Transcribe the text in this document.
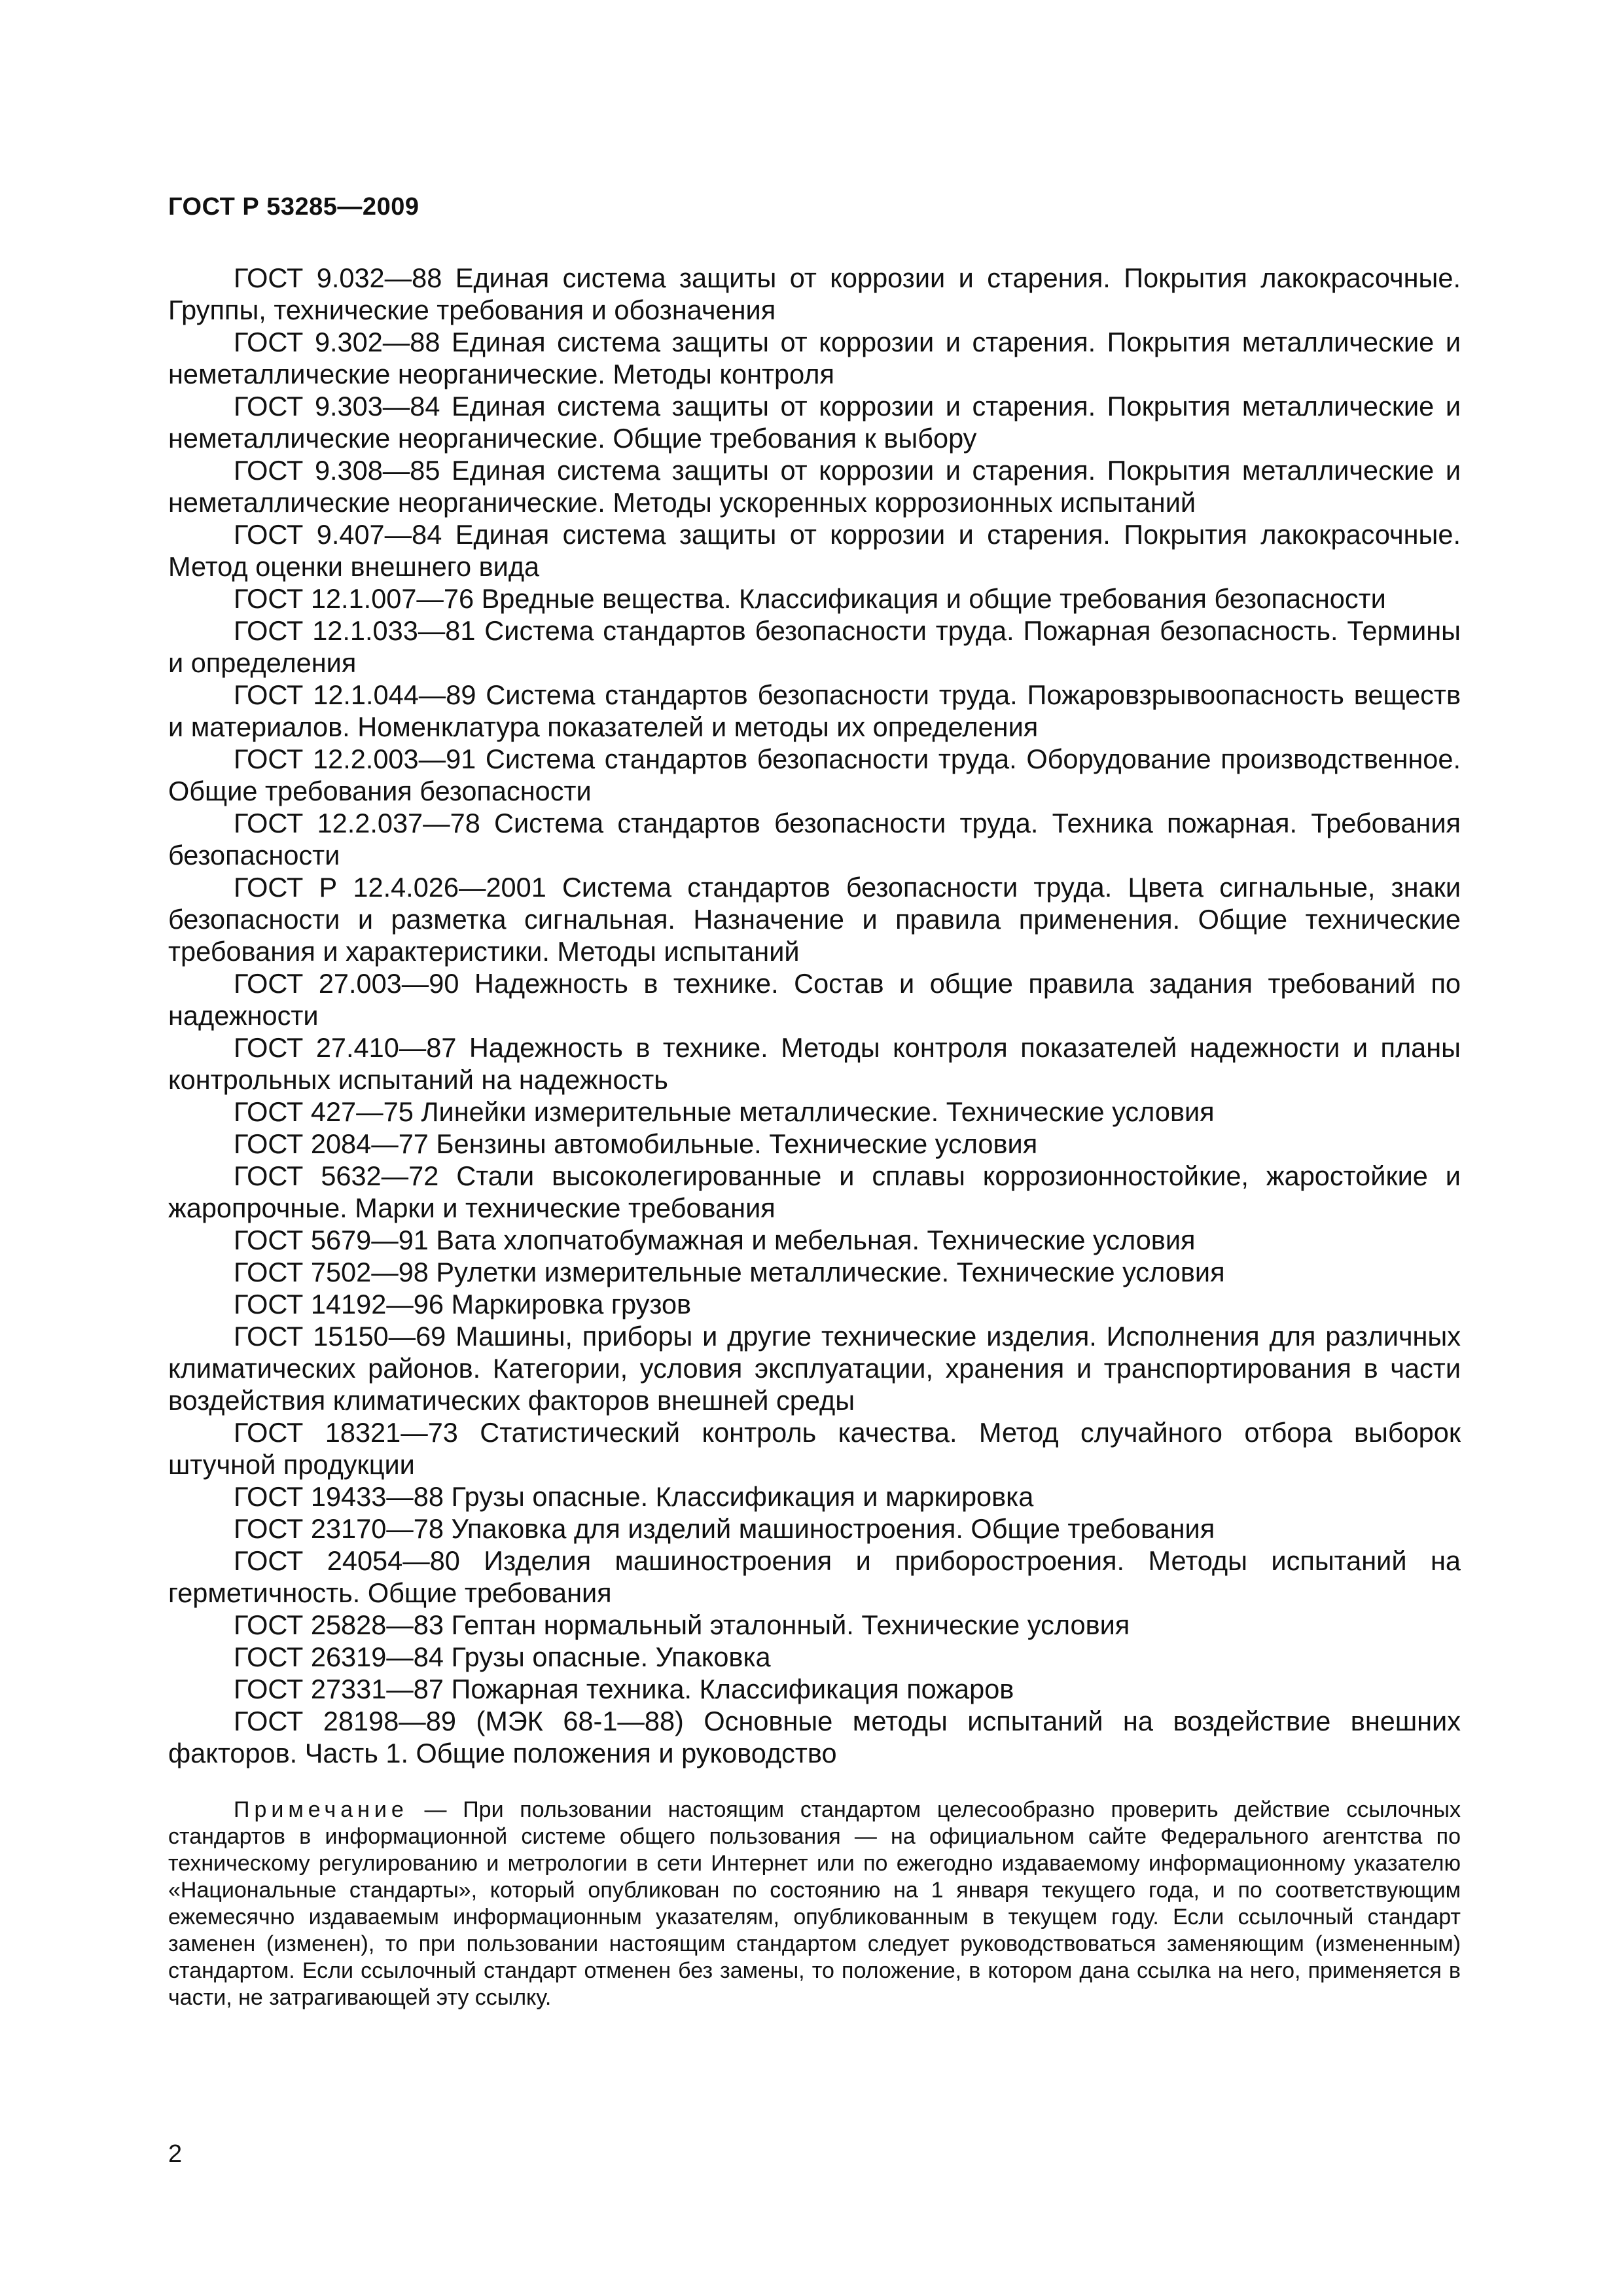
ГОСТ Р 53285—2009

ГОСТ 9.032—88 Единая система защиты от коррозии и старения. Покрытия лакокрасочные. Группы, технические требования и обозначения

ГОСТ 9.302—88 Единая система защиты от коррозии и старения. Покрытия металлические и неметаллические неорганические. Методы контроля

ГОСТ 9.303—84 Единая система защиты от коррозии и старения. Покрытия металлические и неметаллические неорганические. Общие требования к выбору

ГОСТ 9.308—85 Единая система защиты от коррозии и старения. Покрытия металлические и неметаллические неорганические. Методы ускоренных коррозионных испытаний

ГОСТ 9.407—84 Единая система защиты от коррозии и старения. Покрытия лакокрасочные. Метод оценки внешнего вида

ГОСТ 12.1.007—76 Вредные вещества. Классификация и общие требования безопасности

ГОСТ 12.1.033—81 Система стандартов безопасности труда. Пожарная безопасность. Термины и определения

ГОСТ 12.1.044—89 Система стандартов безопасности труда. Пожаровзрывоопасность веществ и материалов. Номенклатура показателей и методы их определения

ГОСТ 12.2.003—91 Система стандартов безопасности труда. Оборудование производственное. Общие требования безопасности

ГОСТ 12.2.037—78 Система стандартов безопасности труда. Техника пожарная. Требования безопасности

ГОСТ Р 12.4.026—2001 Система стандартов безопасности труда. Цвета сигнальные, знаки безопасности и разметка сигнальная. Назначение и правила применения. Общие технические требования и характеристики. Методы испытаний

ГОСТ 27.003—90 Надежность в технике. Состав и общие правила задания требований по надежности

ГОСТ 27.410—87 Надежность в технике. Методы контроля показателей надежности и планы контрольных испытаний на надежность

ГОСТ 427—75 Линейки измерительные металлические. Технические условия

ГОСТ 2084—77 Бензины автомобильные. Технические условия

ГОСТ 5632—72 Стали высоколегированные и сплавы коррозионностойкие, жаростойкие и жаропрочные. Марки и технические требования

ГОСТ 5679—91 Вата хлопчатобумажная и мебельная. Технические условия

ГОСТ 7502—98 Рулетки измерительные металлические. Технические условия

ГОСТ 14192—96 Маркировка грузов

ГОСТ 15150—69 Машины, приборы и другие технические изделия. Исполнения для различных климатических районов. Категории, условия эксплуатации, хранения и транспортирования в части воздействия климатических факторов внешней среды

ГОСТ 18321—73 Статистический контроль качества. Метод случайного отбора выборок штучной продукции

ГОСТ 19433—88 Грузы опасные. Классификация и маркировка

ГОСТ 23170—78 Упаковка для изделий машиностроения. Общие требования

ГОСТ 24054—80 Изделия машиностроения и приборостроения. Методы испытаний на герметичность. Общие требования

ГОСТ 25828—83 Гептан нормальный эталонный. Технические условия

ГОСТ 26319—84 Грузы опасные. Упаковка

ГОСТ 27331—87 Пожарная техника. Классификация пожаров

ГОСТ 28198—89 (МЭК 68-1—88) Основные методы испытаний на воздействие внешних факторов. Часть 1. Общие положения и руководство

Примечание — При пользовании настоящим стандартом целесообразно проверить действие ссылочных стандартов в информационной системе общего пользования — на официальном сайте Федерального агентства по техническому регулированию и метрологии в сети Интернет или по ежегодно издаваемому информационному указателю «Национальные стандарты», который опубликован по состоянию на 1 января текущего года, и по соответствующим ежемесячно издаваемым информационным указателям, опубликованным в текущем году. Если ссылочный стандарт заменен (изменен), то при пользовании настоящим стандартом следует руководствоваться заменяющим (измененным) стандартом. Если ссылочный стандарт отменен без замены, то положение, в котором дана ссылка на него, применяется в части, не затрагивающей эту ссылку.

2
